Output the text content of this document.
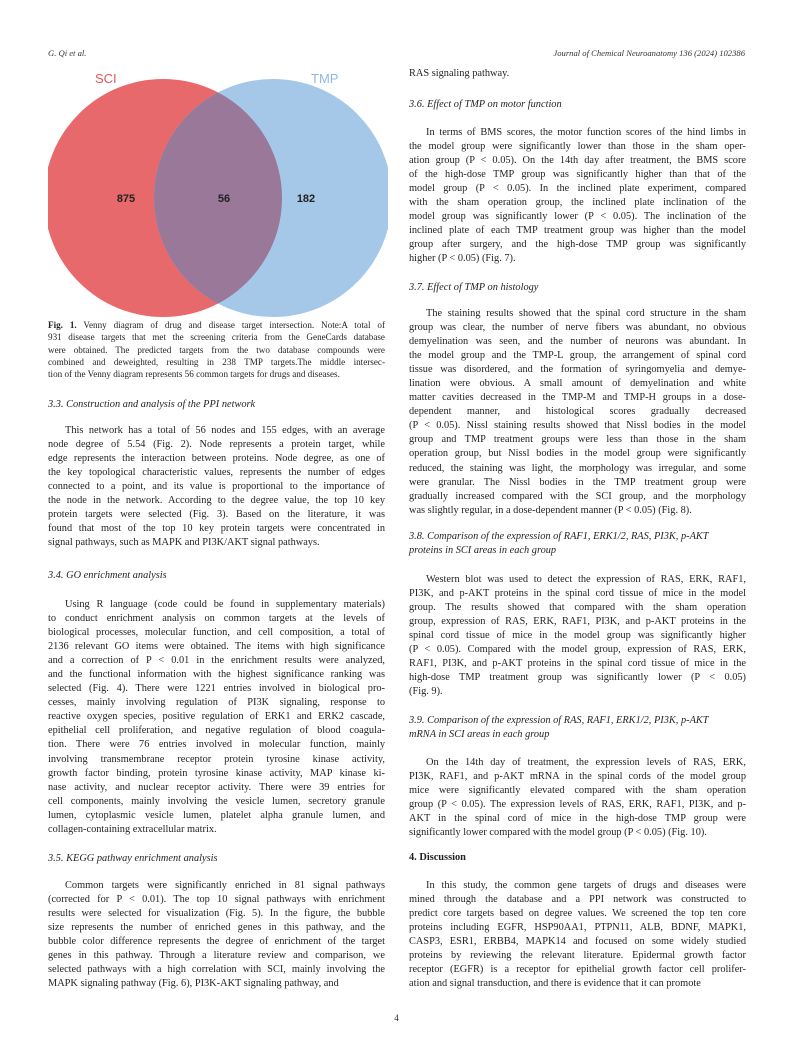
G. Qi et al.	Journal of Chemical Neuroanatomy 136 (2024) 102386
SCI	TMP
875	56	182
Fig. 1. Venny diagram of drug and disease target intersection. Note:A total of
931 disease targets that met the screening criteria from the GeneCards database
were obtained. The predicted targets from the two database compounds were
combined and deweighted, resulting in 238 TMP targets.The middle intersec-
tion of the Venny diagram represents 56 common targets for drugs and diseases.
3.3. Construction and analysis of the PPI network
This network has a total of 56 nodes and 155 edges, with an average
node degree of 5.54 (Fig. 2). Node represents a protein target, while
edge represents the interaction between proteins. Node degree, as one of
the key topological characteristic values, represents the number of edges
connected to a point, and its value is proportional to the importance of
the node in the network. According to the degree value, the top 10 key
protein targets were selected (Fig. 3). Based on the literature, it was
found that most of the top 10 key protein targets were concentrated in
signal pathways, such as MAPK and PI3K/AKT signal pathways.
3.4. GO enrichment analysis
Using R language (code could be found in supplementary materials)
to conduct enrichment analysis on common targets at the levels of
biological processes, molecular function, and cell composition, a total of
2136 relevant GO items were obtained. The items with high significance
and a correction of P < 0.01 in the enrichment results were analyzed,
and the functional information with the highest significance ranking was
selected (Fig. 4). There were 1221 entries involved in biological pro-
cesses, mainly involving regulation of PI3K signaling, response to
reactive oxygen species, positive regulation of ERK1 and ERK2 cascade,
epithelial cell proliferation, and negative regulation of blood coagula-
tion. There were 76 entries involved in molecular function, mainly
involving transmembrane receptor protein tyrosine kinase activity,
growth factor binding, protein tyrosine kinase activity, MAP kinase ki-
nase activity, and nuclear receptor activity. There were 39 entries for
cell components, mainly involving the vesicle lumen, secretory granule
lumen, cytoplasmic vesicle lumen, platelet alpha granule lumen, and
collagen-containing extracellular matrix.
3.5. KEGG pathway enrichment analysis
Common targets were significantly enriched in 81 signal pathways
(corrected for P < 0.01). The top 10 signal pathways with enrichment
results were selected for visualization (Fig. 5). In the figure, the bubble
size represents the number of enriched genes in this pathway, and the
bubble color difference represents the degree of enrichment of the target
genes in this pathway. Through a literature review and comparison, we
selected pathways with a high correlation with SCI, mainly involving the
MAPK signaling pathway (Fig. 6), PI3K-AKT signaling pathway, and
RAS signaling pathway.
3.6. Effect of TMP on motor function
In terms of BMS scores, the motor function scores of the hind limbs in
the model group were significantly lower than those in the sham oper-
ation group (P < 0.05). On the 14th day after treatment, the BMS score
of the high-dose TMP group was significantly higher than that of the
model group (P < 0.05). In the inclined plate experiment, compared
with the sham operation group, the inclined plate inclination of the
model group was significantly lower (P < 0.05). The inclination of the
inclined plate of each TMP treatment group was higher than the model
group after surgery, and the high-dose TMP group was significantly
higher (P < 0.05) (Fig. 7).
3.7. Effect of TMP on histology
The staining results showed that the spinal cord structure in the sham
group was clear, the number of nerve fibers was abundant, no obvious
demyelination was seen, and the number of neurons was abundant. In
the model group and the TMP-L group, the arrangement of spinal cord
tissue was disordered, and the formation of syringomyelia and demye-
lination were obvious. A small amount of demyelination and white
matter cavities decreased in the TMP-M and TMP-H groups in a dose-
dependent manner, and histological scores gradually decreased
(P < 0.05). Nissl staining results showed that Nissl bodies in the model
group and TMP treatment groups were less than those in the sham
operation group, but Nissl bodies in the model group were significantly
reduced, the staining was light, the morphology was irregular, and some
were granular. The Nissl bodies in the TMP treatment group were
gradually increased compared with the SCI group, and the morphology
was slightly regular, in a dose-dependent manner (P < 0.05) (Fig. 8).
3.8. Comparison of the expression of RAF1, ERK1/2, RAS, PI3K, p-AKT
proteins in SCI areas in each group
Western blot was used to detect the expression of RAS, ERK, RAF1,
PI3K, and p-AKT proteins in the spinal cord tissue of mice in the model
group. The results showed that compared with the sham operation
group, expression of RAS, ERK, RAF1, PI3K, and p-AKT proteins in the
spinal cord tissue of mice in the model group was significantly higher
(P < 0.05). Compared with the model group, expression of RAS, ERK,
RAF1, PI3K, and p-AKT proteins in the spinal cord tissue of mice in the
high-dose TMP treatment group was significantly lower (P < 0.05)
(Fig. 9).
3.9. Comparison of the expression of RAS, RAF1, ERK1/2, PI3K, p-AKT
mRNA in SCI areas in each group
On the 14th day of treatment, the expression levels of RAS, ERK,
PI3K, RAF1, and p-AKT mRNA in the spinal cords of the model group
mice were significantly elevated compared with the sham operation
group (P < 0.05). The expression levels of RAS, ERK, RAF1, PI3K, and p-
AKT in the spinal cord of mice in the high-dose TMP group were
significantly lower compared with the model group (P < 0.05) (Fig. 10).
4. Discussion
In this study, the common gene targets of drugs and diseases were
mined through the database and a PPI network was constructed to
predict core targets based on degree values. We screened the top ten core
proteins including EGFR, HSP90AA1, PTPN11, ALB, BDNF, MAPK1,
CASP3, ESR1, ERBB4, MAPK14 and focused on some widely studied
proteins by reviewing the relevant literature. Epidermal growth factor
receptor (EGFR) is a receptor for epithelial growth factor cell prolifer-
ation and signal transduction, and there is evidence that it can promote
4
